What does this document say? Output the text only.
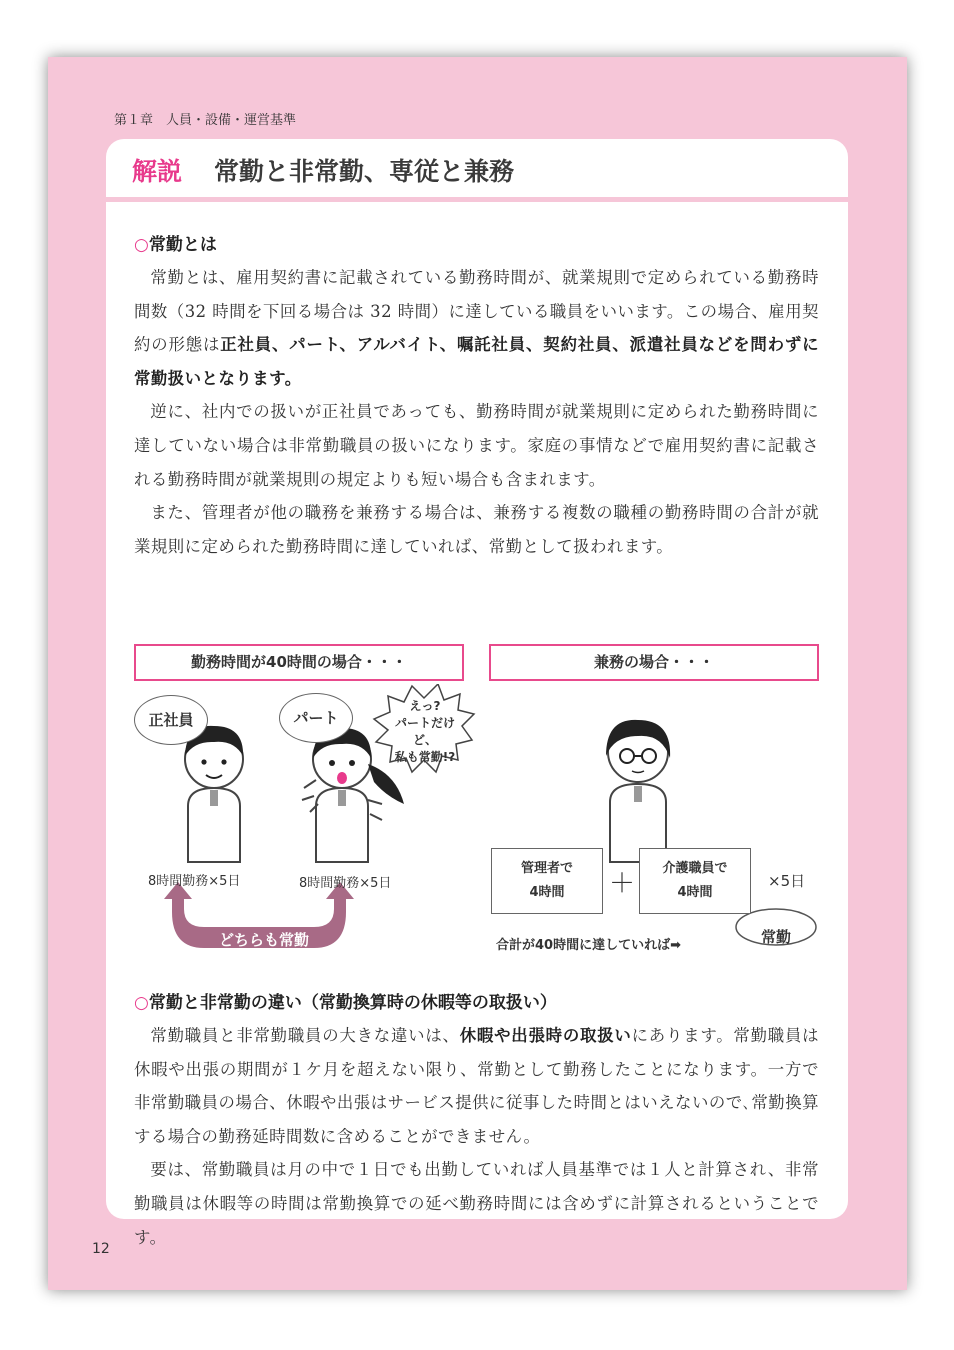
第１章　人員・設備・運営基準
解説 常勤と非常勤、専従と兼務
○常勤とは

常勤とは、雇用契約書に記載されている勤務時間が、就業規則で定められている勤務時間数（32 時間を下回る場合は 32 時間）に達している職員をいいます。この場合、雇用契約の形態は正社員、パート、アルバイト、嘱託社員、契約社員、派遣社員などを問わずに常勤扱いとなります。

逆に、社内での扱いが正社員であっても、勤務時間が就業規則に定められた勤務時間に達していない場合は非常勤職員の扱いになります。家庭の事情などで雇用契約書に記載される勤務時間が就業規則の規定よりも短い場合も含まれます。

また、管理者が他の職務を兼務する場合は、兼務する複数の職種の勤務時間の合計が就業規則に定められた勤務時間に達していれば、常勤として扱われます。

勤務時間が40時間の場合・・・	兼務の場合・・・
正社員	パート
えっ?
パートだけど、
私も常勤!?
8時間勤務×5日	8時間勤務×5日
どちらも常勤
管理者で
4時間	＋
介護職員で
4時間
×5日
合計が40時間に達していれば➡	常勤
○常勤と非常勤の違い（常勤換算時の休暇等の取扱い）

常勤職員と非常勤職員の大きな違いは、休暇や出張時の取扱いにあります。常勤職員は休暇や出張の期間が１ケ月を超えない限り、常勤として勤務したことになります。一方で非常勤職員の場合、休暇や出張はサービス提供に従事した時間とはいえないので､常勤換算する場合の勤務延時間数に含めることができません。

要は、常勤職員は月の中で１日でも出勤していれば人員基準では１人と計算され、非常勤職員は休暇等の時間は常勤換算での延べ勤務時間には含めずに計算されるということです。

12
